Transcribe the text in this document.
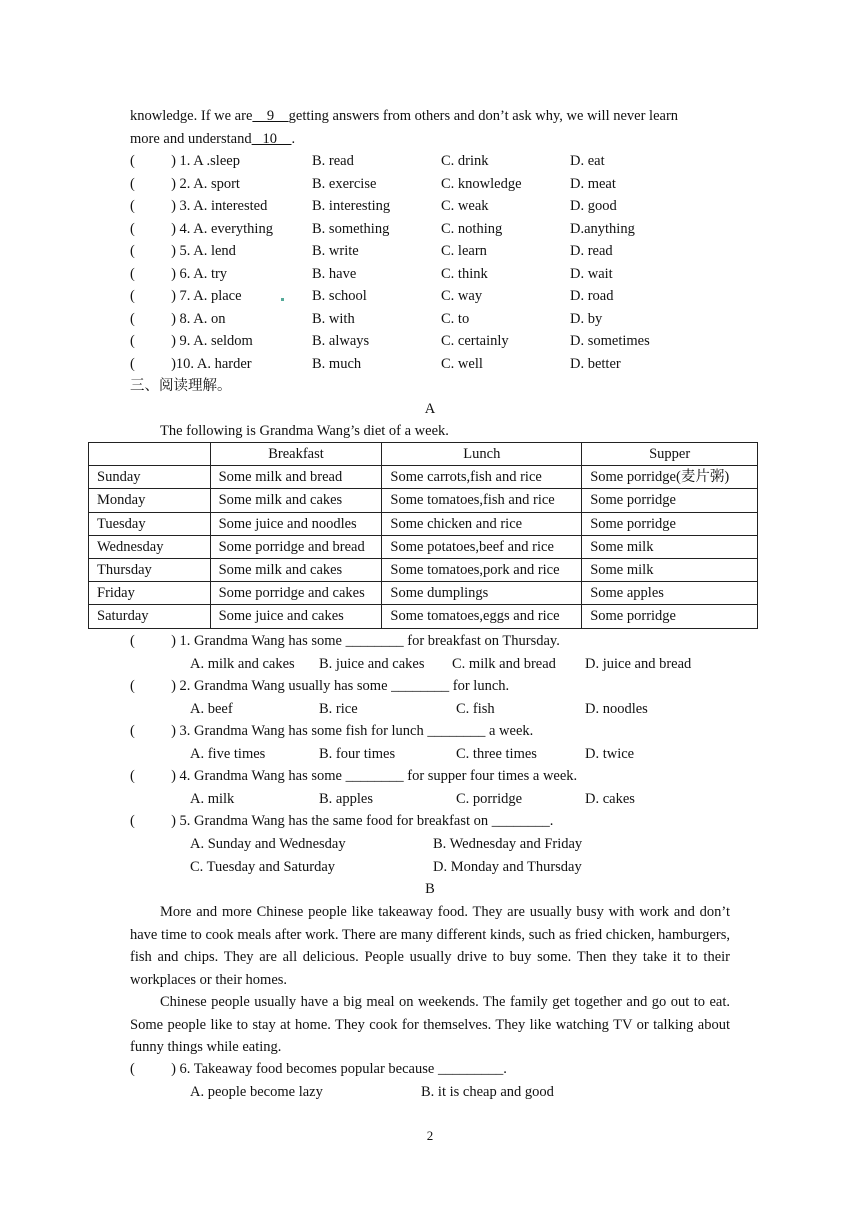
knowledge. If we are    9    getting answers from others and don’t ask why, we will never learn
more and understand   10    .
(          ) 1. A .sleep	B. read	C. drink	D. eat
(          ) 2. A. sport	B. exercise	C. knowledge	D. meat
(          ) 3. A. interested	B. interesting	C. weak	D. good
(          ) 4. A. everything	B. something	C. nothing	D.anything
(          ) 5. A. lend	B. write	C. learn	D. read
(          ) 6. A. try	B. have	C. think	D. wait
(          ) 7. A. place	B. school	C. way	D. road
(          ) 8. A. on	B. with	C. to	D. by
(          ) 9. A. seldom	B. always	C. certainly	D. sometimes
(          )10. A. harder	B. much	C. well	D. better
三、阅读理解。
A
The following is Grandma Wang’s diet of a week.
	Breakfast	Lunch	Supper
Sunday	Some milk and bread	Some carrots,fish and rice	Some porridge(麦片粥)
Monday	Some milk and cakes	Some tomatoes,fish and rice	Some porridge
Tuesday	Some juice and noodles	Some chicken and rice	Some porridge
Wednesday	Some porridge and bread	Some potatoes,beef and rice	Some milk
Thursday	Some milk and cakes	Some tomatoes,pork and rice	Some milk
Friday	Some porridge and cakes	Some dumplings	Some apples
Saturday	Some juice and cakes	Some tomatoes,eggs and rice	Some porridge
(          ) 1. Grandma Wang has some ________ for breakfast on Thursday.
A. milk and cakes B. juice and cakes C. milk and bread D. juice and bread
(          ) 2. Grandma Wang usually has some ________ for lunch.
A. beef	B. rice	C. fish	D. noodles
(          ) 3. Grandma Wang has some fish for lunch ________ a week.
A. five times	B. four times	C. three times	D. twice
(          ) 4. Grandma Wang has some ________ for supper four times a week.
A. milk	B. apples	C. porridge	D. cakes
(          ) 5. Grandma Wang has the same food for breakfast on ________.
A. Sunday and Wednesday	B. Wednesday and Friday
C. Tuesday and Saturday	D. Monday and Thursday
B
More and more Chinese people like takeaway food. They are usually busy with work and don’t have time to cook meals after work. There are many different kinds, such as fried chicken, hamburgers, fish and chips. They are all delicious. People usually drive to buy some. Then they take it to their workplaces or their homes.
Chinese people usually have a big meal on weekends. The family get together and go out to eat. Some people like to stay at home. They cook for themselves. They like watching TV or talking about funny things while eating.
(          ) 6. Takeaway food becomes popular because _________.
A. people become lazy	B. it is cheap and good
2
